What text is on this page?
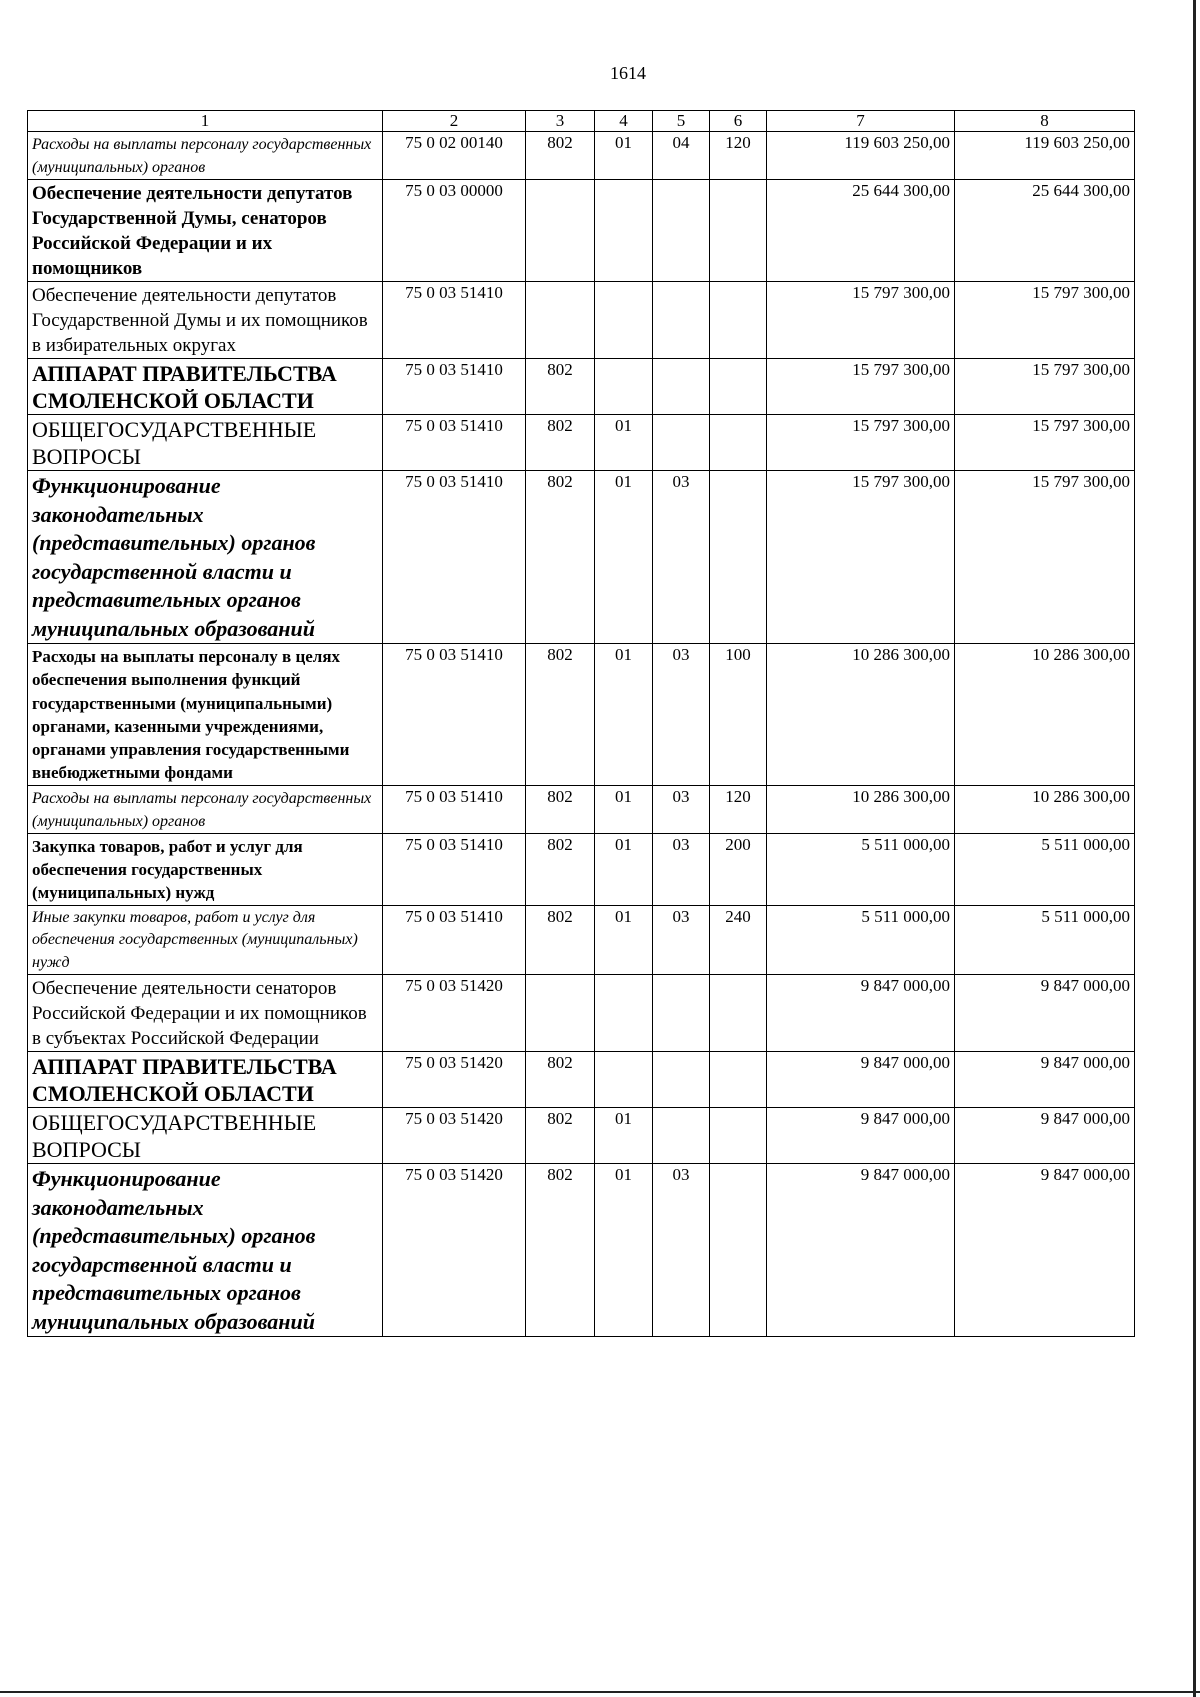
1614
1	2	3	4	5	6	7	8
Расходы на выплаты персоналу государственных (муниципальных) органов	75 0 02 00140	802	01	04	120	119 603 250,00	119 603 250,00
Обеспечение деятельности депутатов Государственной Думы, сенаторов Российской Федерации и их помощников	75 0 03 00000					25 644 300,00	25 644 300,00
Обеспечение деятельности депутатов Государственной Думы и их помощников в избирательных округах	75 0 03 51410					15 797 300,00	15 797 300,00
АППАРАТ ПРАВИТЕЛЬСТВА СМОЛЕНСКОЙ ОБЛАСТИ	75 0 03 51410	802				15 797 300,00	15 797 300,00
ОБЩЕГОСУДАРСТВЕННЫЕ ВОПРОСЫ	75 0 03 51410	802	01			15 797 300,00	15 797 300,00
Функционирование законодательных (представительных) органов государственной власти и представительных органов муниципальных образований	75 0 03 51410	802	01	03		15 797 300,00	15 797 300,00
Расходы на выплаты персоналу в целях обеспечения выполнения функций государственными (муниципальными) органами, казенными учреждениями, органами управления государственными внебюджетными фондами	75 0 03 51410	802	01	03	100	10 286 300,00	10 286 300,00
Расходы на выплаты персоналу государственных (муниципальных) органов	75 0 03 51410	802	01	03	120	10 286 300,00	10 286 300,00
Закупка товаров, работ и услуг для обеспечения государственных (муниципальных) нужд	75 0 03 51410	802	01	03	200	5 511 000,00	5 511 000,00
Иные закупки товаров, работ и услуг для обеспечения государственных (муниципальных) нужд	75 0 03 51410	802	01	03	240	5 511 000,00	5 511 000,00
Обеспечение деятельности сенаторов Российской Федерации и их помощников в субъектах Российской Федерации	75 0 03 51420					9 847 000,00	9 847 000,00
АППАРАТ ПРАВИТЕЛЬСТВА СМОЛЕНСКОЙ ОБЛАСТИ	75 0 03 51420	802				9 847 000,00	9 847 000,00
ОБЩЕГОСУДАРСТВЕННЫЕ ВОПРОСЫ	75 0 03 51420	802	01			9 847 000,00	9 847 000,00
Функционирование законодательных (представительных) органов государственной власти и представительных органов муниципальных образований	75 0 03 51420	802	01	03		9 847 000,00	9 847 000,00
